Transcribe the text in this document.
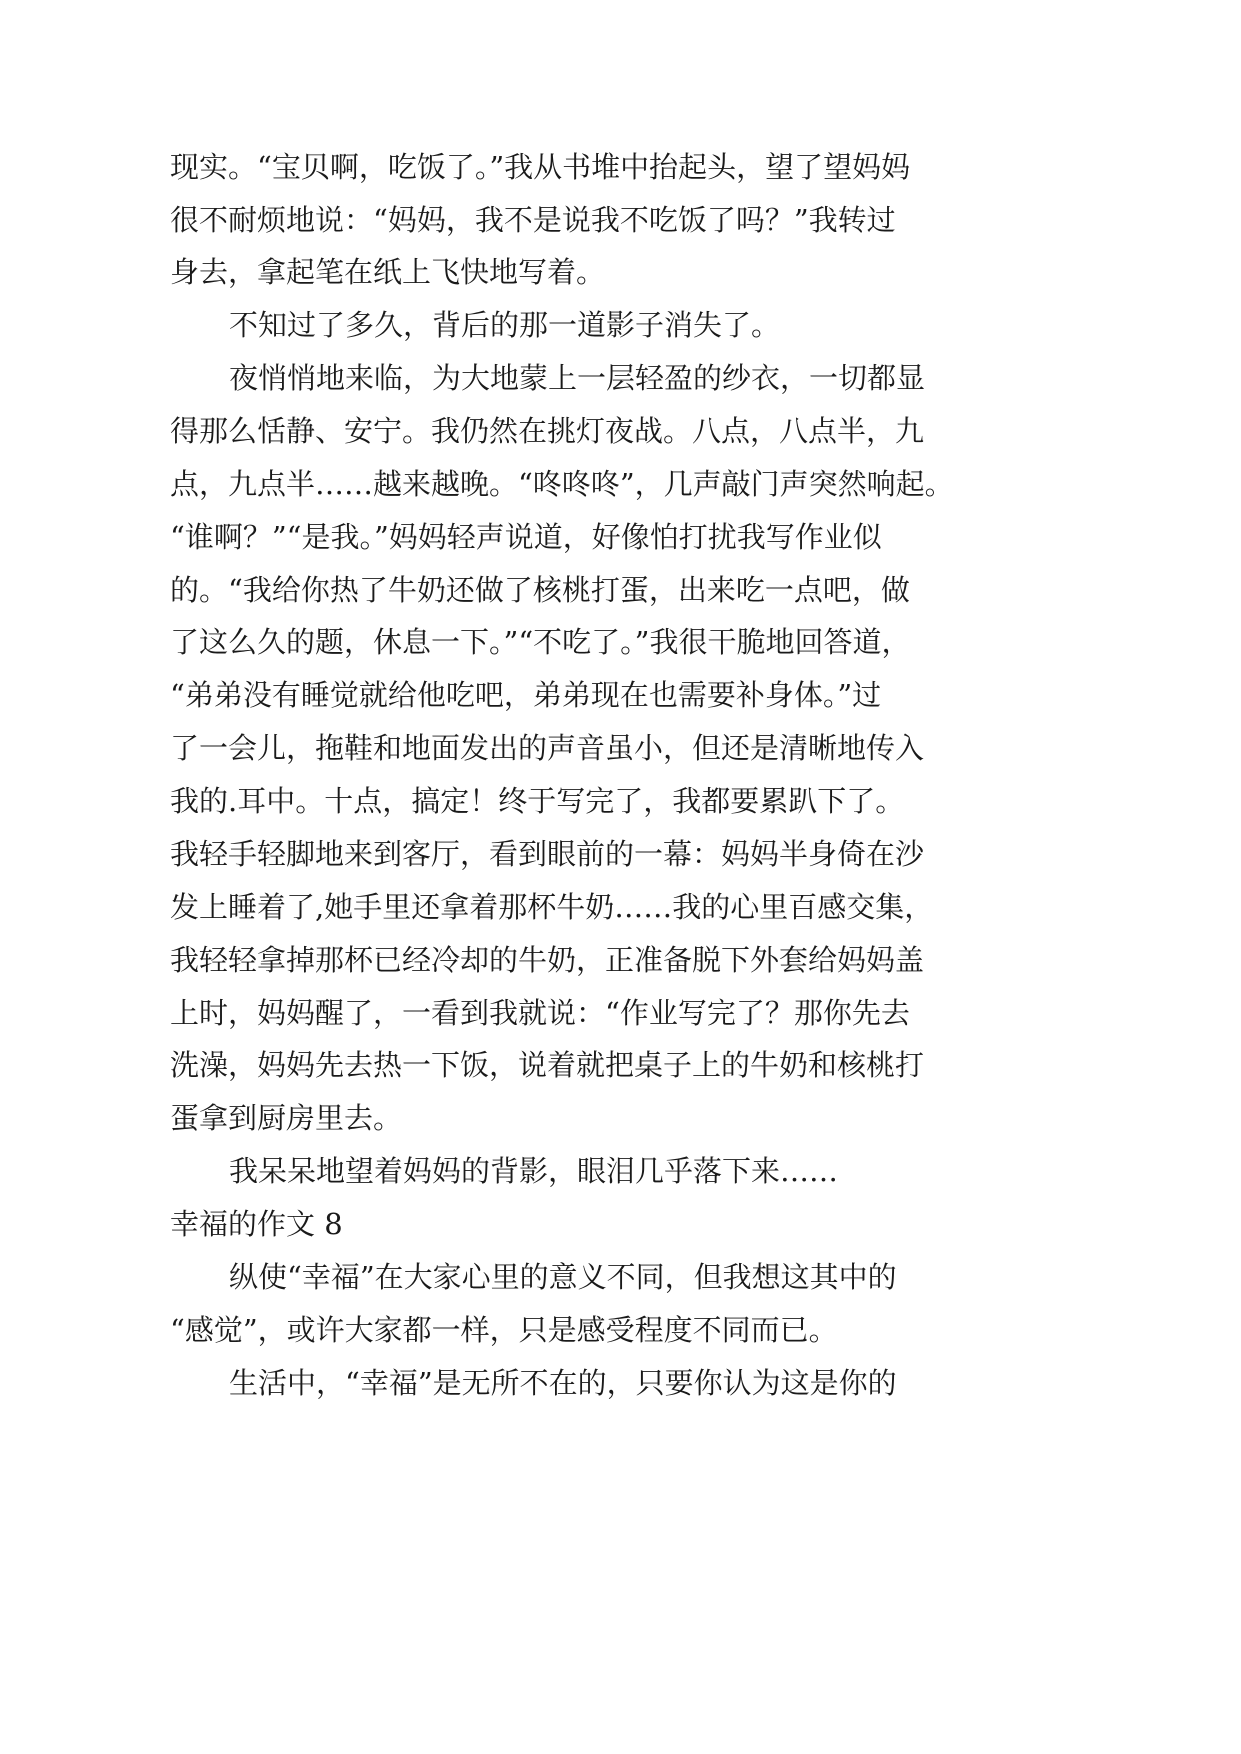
现实。“宝贝啊，吃饭了。”我从书堆中抬起头，望了望妈妈
很不耐烦地说：“妈妈，我不是说我不吃饭了吗？”我转过
身去，拿起笔在纸上飞快地写着。
不知过了多久，背后的那一道影子消失了。
夜悄悄地来临，为大地蒙上一层轻盈的纱衣，一切都显
得那么恬静、安宁。我仍然在挑灯夜战。八点，八点半，九
点，九点半……越来越晚。“咚咚咚”，几声敲门声突然响起。
“谁啊？”“是我。”妈妈轻声说道，好像怕打扰我写作业似
的。“我给你热了牛奶还做了核桃打蛋，出来吃一点吧，做
了这么久的题，休息一下。”“不吃了。”我很干脆地回答道，
“弟弟没有睡觉就给他吃吧，弟弟现在也需要补身体。”过
了一会儿，拖鞋和地面发出的声音虽小，但还是清晰地传入
我的.耳中。十点，搞定！终于写完了，我都要累趴下了。
我轻手轻脚地来到客厅，看到眼前的一幕：妈妈半身倚在沙
发上睡着了,她手里还拿着那杯牛奶……我的心里百感交集，
我轻轻拿掉那杯已经冷却的牛奶，正准备脱下外套给妈妈盖
上时，妈妈醒了，一看到我就说：“作业写完了？那你先去
洗澡，妈妈先去热一下饭，说着就把桌子上的牛奶和核桃打
蛋拿到厨房里去。
我呆呆地望着妈妈的背影，眼泪几乎落下来……
幸福的作文 8
纵使“幸福”在大家心里的意义不同，但我想这其中的
“感觉”，或许大家都一样，只是感受程度不同而已。
生活中，“幸福”是无所不在的，只要你认为这是你的
